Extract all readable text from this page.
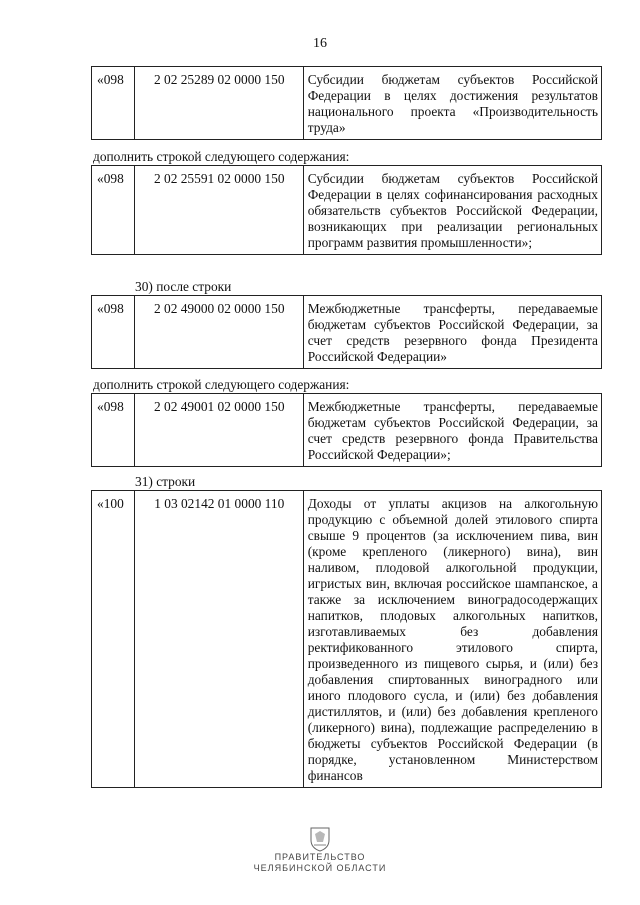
16
«098	2 02 25289 02 0000 150	Субсидии бюджетам субъектов Российской Федерации в целях достижения результатов национального проекта «Производительность труда»
дополнить строкой следующего содержания:
«098	2 02 25591 02 0000 150	Субсидии бюджетам субъектов Российской Федерации в целях софинансирования расходных обязательств субъектов Российской Федерации, возникающих при реализации региональных программ развития промышленности»;
30) после строки
«098	2 02 49000 02 0000 150	Межбюджетные трансферты, передаваемые бюджетам субъектов Российской Федерации, за счет средств резервного фонда Президента Российской Федерации»
дополнить строкой следующего содержания:
«098	2 02 49001 02 0000 150	Межбюджетные трансферты, передаваемые бюджетам субъектов Российской Федерации, за счет средств резервного фонда Правительства Российской Федерации»;
31) строки
«100	1 03 02142 01 0000 110	Доходы от уплаты акцизов на алкогольную продукцию с объемной долей этилового спирта свыше 9 процентов (за исключением пива, вин (кроме крепленого (ликерного) вина), вин наливом, плодовой алкогольной продукции, игристых вин, включая российское шампанское, а также за исключением виноградосодержащих напитков, плодовых алкогольных напитков, изготавливаемых без добавления ректификованного этилового спирта, произведенного из пищевого сырья, и (или) без добавления спиртованных виноградного или иного плодового сусла, и (или) без добавления дистиллятов, и (или) без добавления крепленого (ликерного) вина), подлежащие распределению в бюджеты субъектов Российской Федерации (в порядке, установленном Министерством финансов
ПРАВИТЕЛЬСТВО
ЧЕЛЯБИНСКОЙ ОБЛАСТИ
